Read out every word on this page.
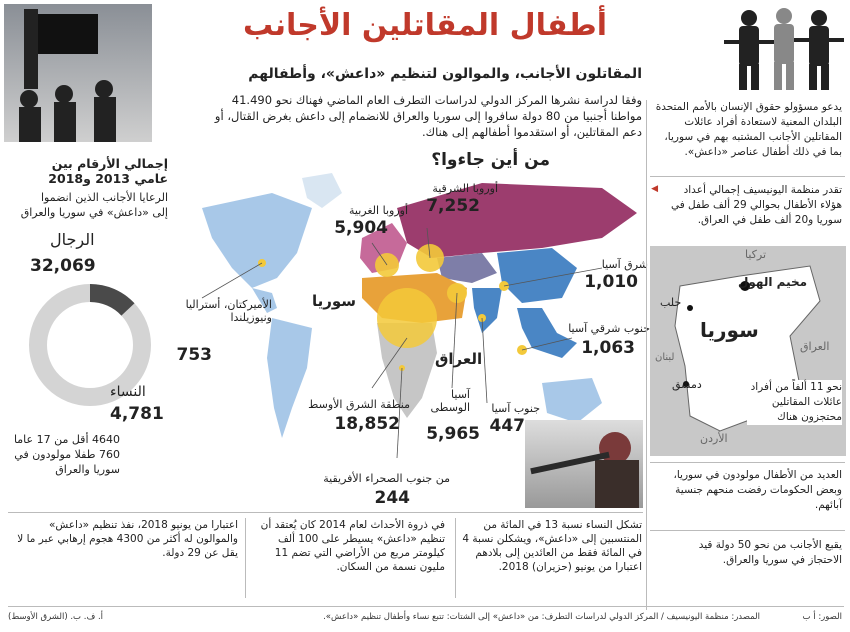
أطفال المقاتلين الأجانب
المقاتلون الأجانب، والموالون لتنظيم «داعش»، وأطفالهم
وفقا لدراسة نشرها المركز الدولي لدراسات التطرف العام الماضي فهناك نحو 41.490 مواطنا أجنبيا من 80 دولة سافروا إلى سوريا والعراق للانضمام إلى داعش بغرض القتال، أو دعم المقاتلين، أو استقدموا أطفالهم إلى هناك.
من أين جاءوا؟
أوروبا الشرقية
7,252
أوروبا الغربية
5,904
شرق آسيا
1,010
جنوب شرقي آسيا
1,063
الأميركتان، أستراليا ونيوزيلندا
753
منطقة الشرق الأوسط
18,852
آسيا الوسطى
5,965
جنوب آسيا
447
من جنوب الصحراء الأفريقية
244
سوريا
العراق
إجمالي الأرقام بين
عامي 2013 و2018
الرعايا الأجانب الذين انضموا
إلى «داعش» في سوريا والعراق
الرجال
32,069
النساء
4,781
4640 أقل من 17 عاما 760 طفلا مولودون في سوريا والعراق
يدعو مسؤولو حقوق الإنسان بالأمم المتحدة البلدان المعنية لاستعادة أفراد عائلات المقاتلين الأجانب المشتبه بهم في سوريا، بما في ذلك أطفال عناصر «داعش».
تقدر منظمة اليونيسيف إجمالي أعداد هؤلاء الأطفال بحوالي 29 ألف طفل في سوريا و20 ألف طفل في العراق.
◀
تركيا
مخيم الهول
حلب
سوريا
العراق
لبنان
دمشق
الأردن
نحو 11 ألفاً من أفراد عائلات المقاتلين محتجزون هناك
العديد من الأطفال مولودون في سوريا، وبعض الحكومات رفضت منحهم جنسية آبائهم.
يقبع الأجانب من نحو 50 دولة قيد الاحتجاز في سوريا والعراق.
تشكل النساء نسبة 13 في المائة من المنتسبين إلى «داعش»، ويشكلن نسبة 4 في المائة فقط من العائدين إلى بلادهم اعتبارا من يونيو (حزيران) 2018.
في ذروة الأحداث لعام 2014 كان يُعتقد أن تنظيم «داعش» يسيطر على 100 ألف كيلومتر مربع من الأراضي التي تضم 11 مليون نسمة من السكان.
اعتبارا من يونيو 2018، نفذ تنظيم «داعش» والموالون له أكثر من 4300 هجوم إرهابي عبر ما لا يقل عن 29 دولة.
الصور: أ ب
المصدر: منظمة اليونيسيف / المركز الدولي لدراسات التطرف: من «داعش» إلى الشتات: تتبع نساء وأطفال تنظيم «داعش».
أ. ف. ب. (الشرق الأوسط)
